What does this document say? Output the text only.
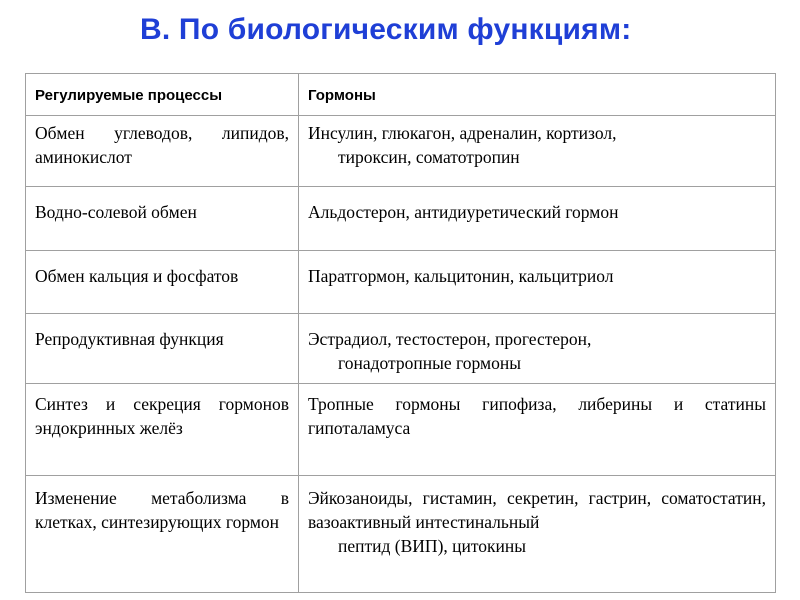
В. По биологическим функциям:
Регулируемые процессы	Гормоны
Обмен углеводов, липидов, аминокислот	Инсулин, глюкагон, адреналин, кортизол,
тироксин, соматотропин

Водно-солевой обмен	Альдостерон, антидиуретический гормон

Обмен кальция и фосфатов	Паратгормон, кальцитонин, кальцитриол

Репродуктивная функция	Эстрадиол, тестостерон, прогестерон,
гонадотропные гормоны

Синтез и секреция гормонов эндокринных желёз	Тропные гормоны гипофиза, либерины и статины гипоталамуса
Изменение метаболизма в клетках, синтезирующих гормон	Эйкозаноиды, гистамин, секретин, гастрин, соматостатин, вазоактивный интестинальный
пептид (ВИП), цитокины
